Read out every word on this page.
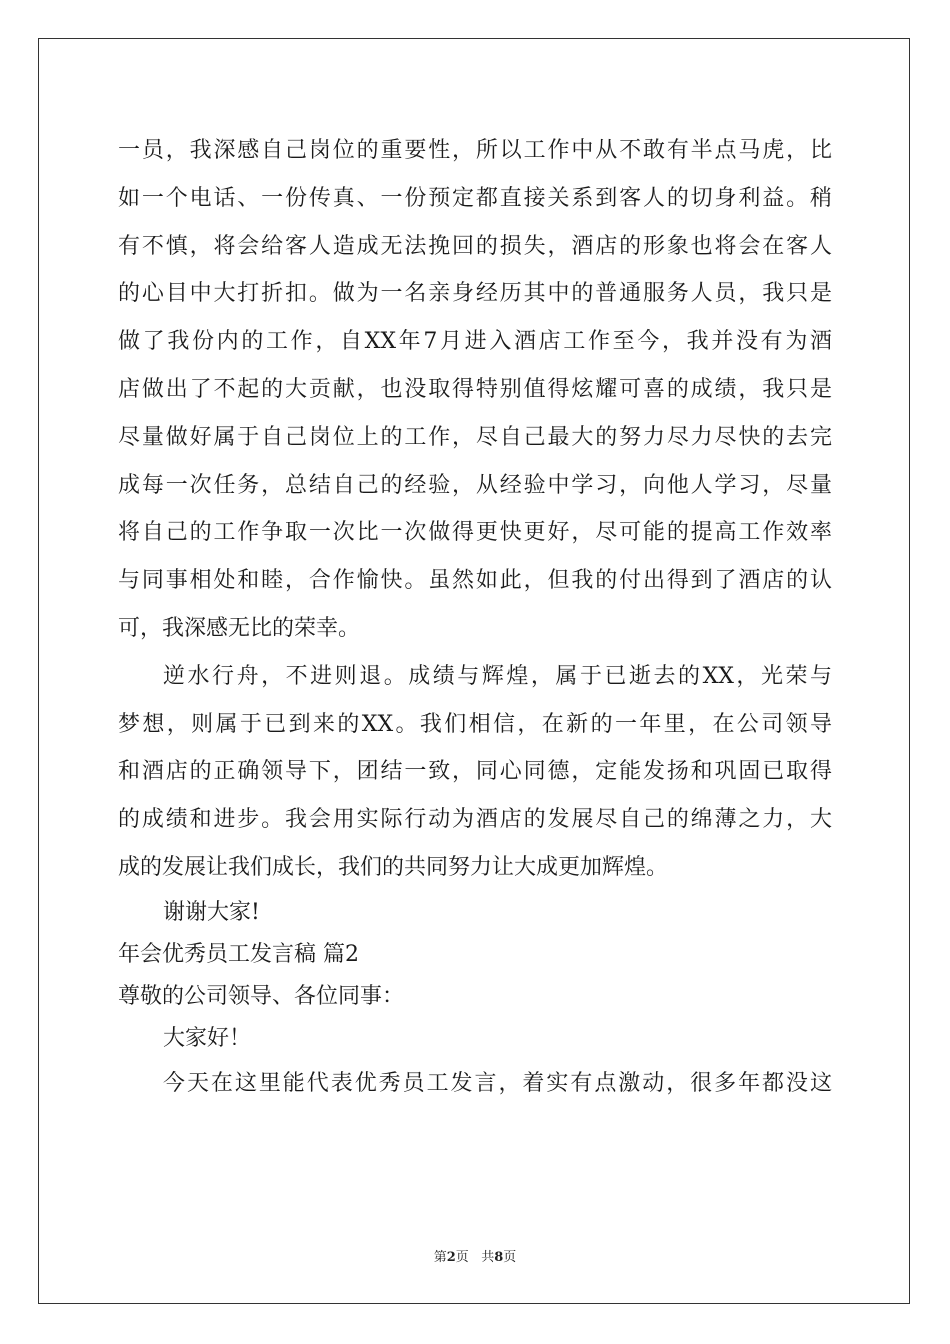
一员，我深感自己岗位的重要性，所以工作中从不敢有半点马虎，比
如一个电话、一份传真、一份预定都直接关系到客人的切身利益。稍
有不慎，将会给客人造成无法挽回的损失，酒店的形象也将会在客人
的心目中大打折扣。做为一名亲身经历其中的普通服务人员，我只是
做了我份内的工作，自XX年7月进入酒店工作至今，我并没有为酒
店做出了不起的大贡献，也没取得特别值得炫耀可喜的成绩，我只是
尽量做好属于自己岗位上的工作，尽自己最大的努力尽力尽快的去完
成每一次任务，总结自己的经验，从经验中学习，向他人学习，尽量
将自己的工作争取一次比一次做得更快更好，尽可能的提高工作效率
与同事相处和睦，合作愉快。虽然如此，但我的付出得到了酒店的认
可，我深感无比的荣幸。
逆水行舟，不进则退。成绩与辉煌，属于已逝去的XX，光荣与
梦想，则属于已到来的XX。我们相信，在新的一年里，在公司领导
和酒店的正确领导下，团结一致，同心同德，定能发扬和巩固已取得
的成绩和进步。我会用实际行动为酒店的发展尽自己的绵薄之力，大
成的发展让我们成长，我们的共同努力让大成更加辉煌。
谢谢大家!
年会优秀员工发言稿 篇2
尊敬的公司领导、各位同事：
大家好！
今天在这里能代表优秀员工发言，着实有点激动，很多年都没这
第2页   共8页
